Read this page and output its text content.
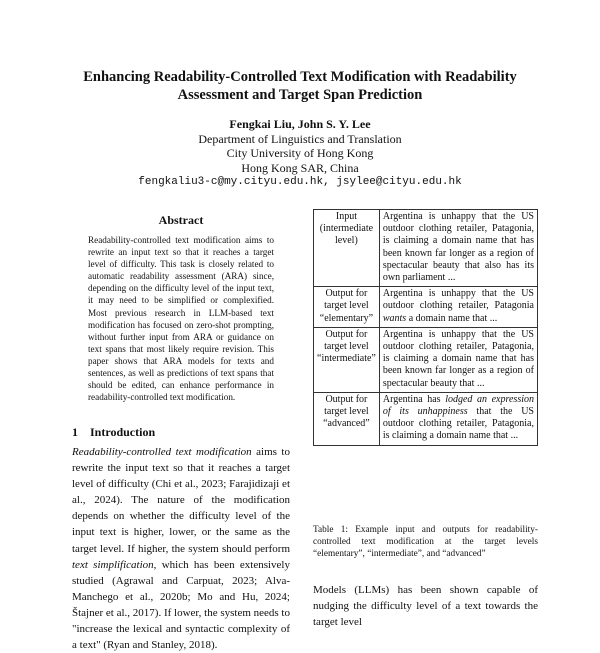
Enhancing Readability-Controlled Text Modification with Readability
Assessment and Target Span Prediction
Fengkai Liu, John S. Y. Lee
Department of Linguistics and Translation
City University of Hong Kong
Hong Kong SAR, China
fengkaliu3-c@my.cityu.edu.hk, jsylee@cityu.edu.hk
Abstract
Readability-controlled text modification aims to rewrite an input text so that it reaches a target level of difficulty. This task is closely related to automatic readability assessment (ARA) since, depending on the difficulty level of the input text, it may need to be simplified or complexified. Most previous research in LLM-based text modification has focused on zero-shot prompting, without further input from ARA or guidance on text spans that most likely require revision. This paper shows that ARA models for texts and sentences, as well as predictions of text spans that should be edited, can enhance performance in readability-controlled text modification.
1 Introduction
Readability-controlled text modification aims to rewrite the input text so that it reaches a target level of difficulty (Chi et al., 2023; Farajidizaji et al., 2024). The nature of the modification depends on whether the difficulty level of the input text is higher, lower, or the same as the target level. If higher, the system should perform text simplification, which has been extensively studied (Agrawal and Carpuat, 2023; Alva-Manchego et al., 2020b; Mo and Hu, 2024; Štajner et al., 2017). If lower, the system needs to "increase the lexical and syntactic complexity of a text" (Ryan and Stanley, 2018).
Input (intermediate level)	Argentina is unhappy that the US outdoor clothing retailer, Patagonia, is claiming a domain name that has been known far longer as a region of spectacular beauty that also has its own parliament ...
Output for target level “elementary”	Argentina is unhappy that the US outdoor clothing retailer, Patagonia wants a domain name that ...
Output for target level “intermediate”	Argentina is unhappy that the US outdoor clothing retailer, Patagonia, is claiming a domain name that has been known far longer as a region of spectacular beauty that ...
Output for target level “advanced”	Argentina has lodged an expression of its unhappiness that the US outdoor clothing retailer, Patagonia, is claiming a domain name that ...
Table 1: Example input and outputs for readability-controlled text modification at the target levels “elementary”, “intermediate”, and “advanced”
Models (LLMs) has been shown capable of nudging the difficulty level of a text towards the target level
